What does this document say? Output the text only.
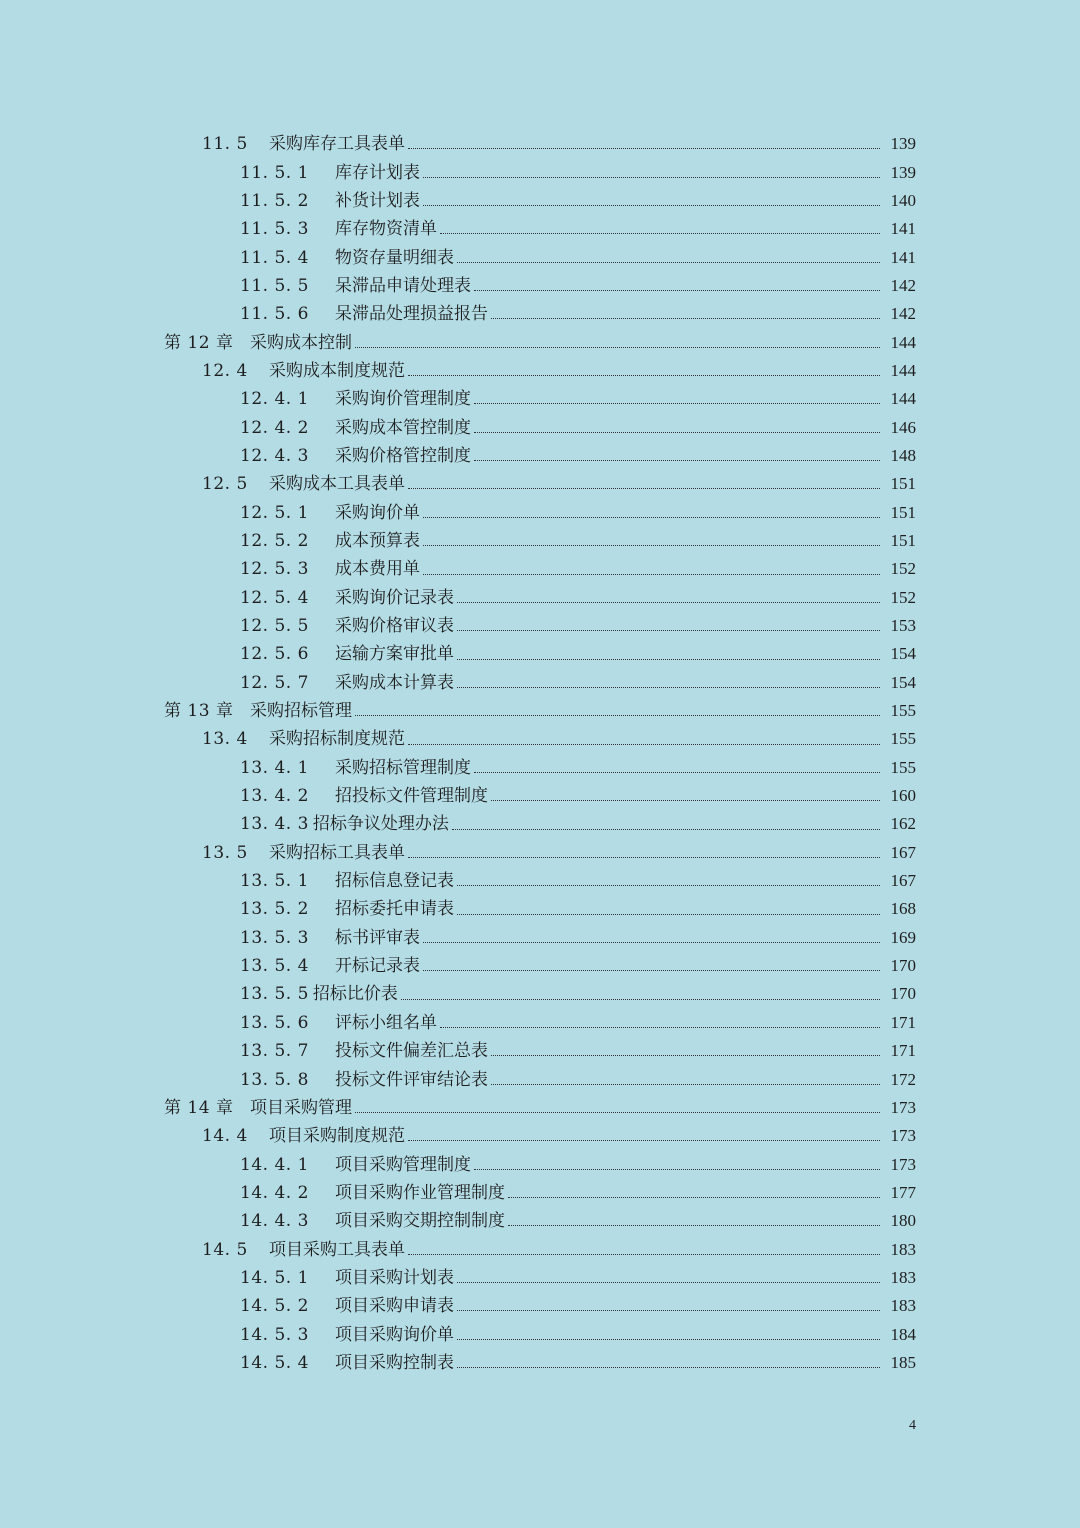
11. 5	采购库存工具表单	139
11. 5. 1	库存计划表	139
11. 5. 2	补货计划表	140
11. 5. 3	库存物资清单	141
11. 5. 4	物资存量明细表	141
11. 5. 5	呆滞品申请处理表	142
11. 5. 6	呆滞品处理损益报告	142
第 12 章 采购成本控制	144
12. 4	采购成本制度规范	144
12. 4. 1	采购询价管理制度	144
12. 4. 2	采购成本管控制度	146
12. 4. 3	采购价格管控制度	148
12. 5	采购成本工具表单	151
12. 5. 1	采购询价单	151
12. 5. 2	成本预算表	151
12. 5. 3	成本费用单	152
12. 5. 4	采购询价记录表	152
12. 5. 5	采购价格审议表	153
12. 5. 6	运输方案审批单	154
12. 5. 7	采购成本计算表	154
第 13 章 采购招标管理	155
13. 4	采购招标制度规范	155
13. 4. 1	采购招标管理制度	155
13. 4. 2	招投标文件管理制度	160
13. 4. 3 招标争议处理办法	162
13. 5	采购招标工具表单	167
13. 5. 1	招标信息登记表	167
13. 5. 2	招标委托申请表	168
13. 5. 3	标书评审表	169
13. 5. 4	开标记录表	170
13. 5. 5 招标比价表	170
13. 5. 6	评标小组名单	171
13. 5. 7	投标文件偏差汇总表	171
13. 5. 8	投标文件评审结论表	172
第 14 章 项目采购管理	173
14. 4	项目采购制度规范	173
14. 4. 1	项目采购管理制度	173
14. 4. 2	项目采购作业管理制度	177
14. 4. 3	项目采购交期控制制度	180
14. 5	项目采购工具表单	183
14. 5. 1	项目采购计划表	183
14. 5. 2	项目采购申请表	183
14. 5. 3	项目采购询价单	184
14. 5. 4	项目采购控制表	185
4
